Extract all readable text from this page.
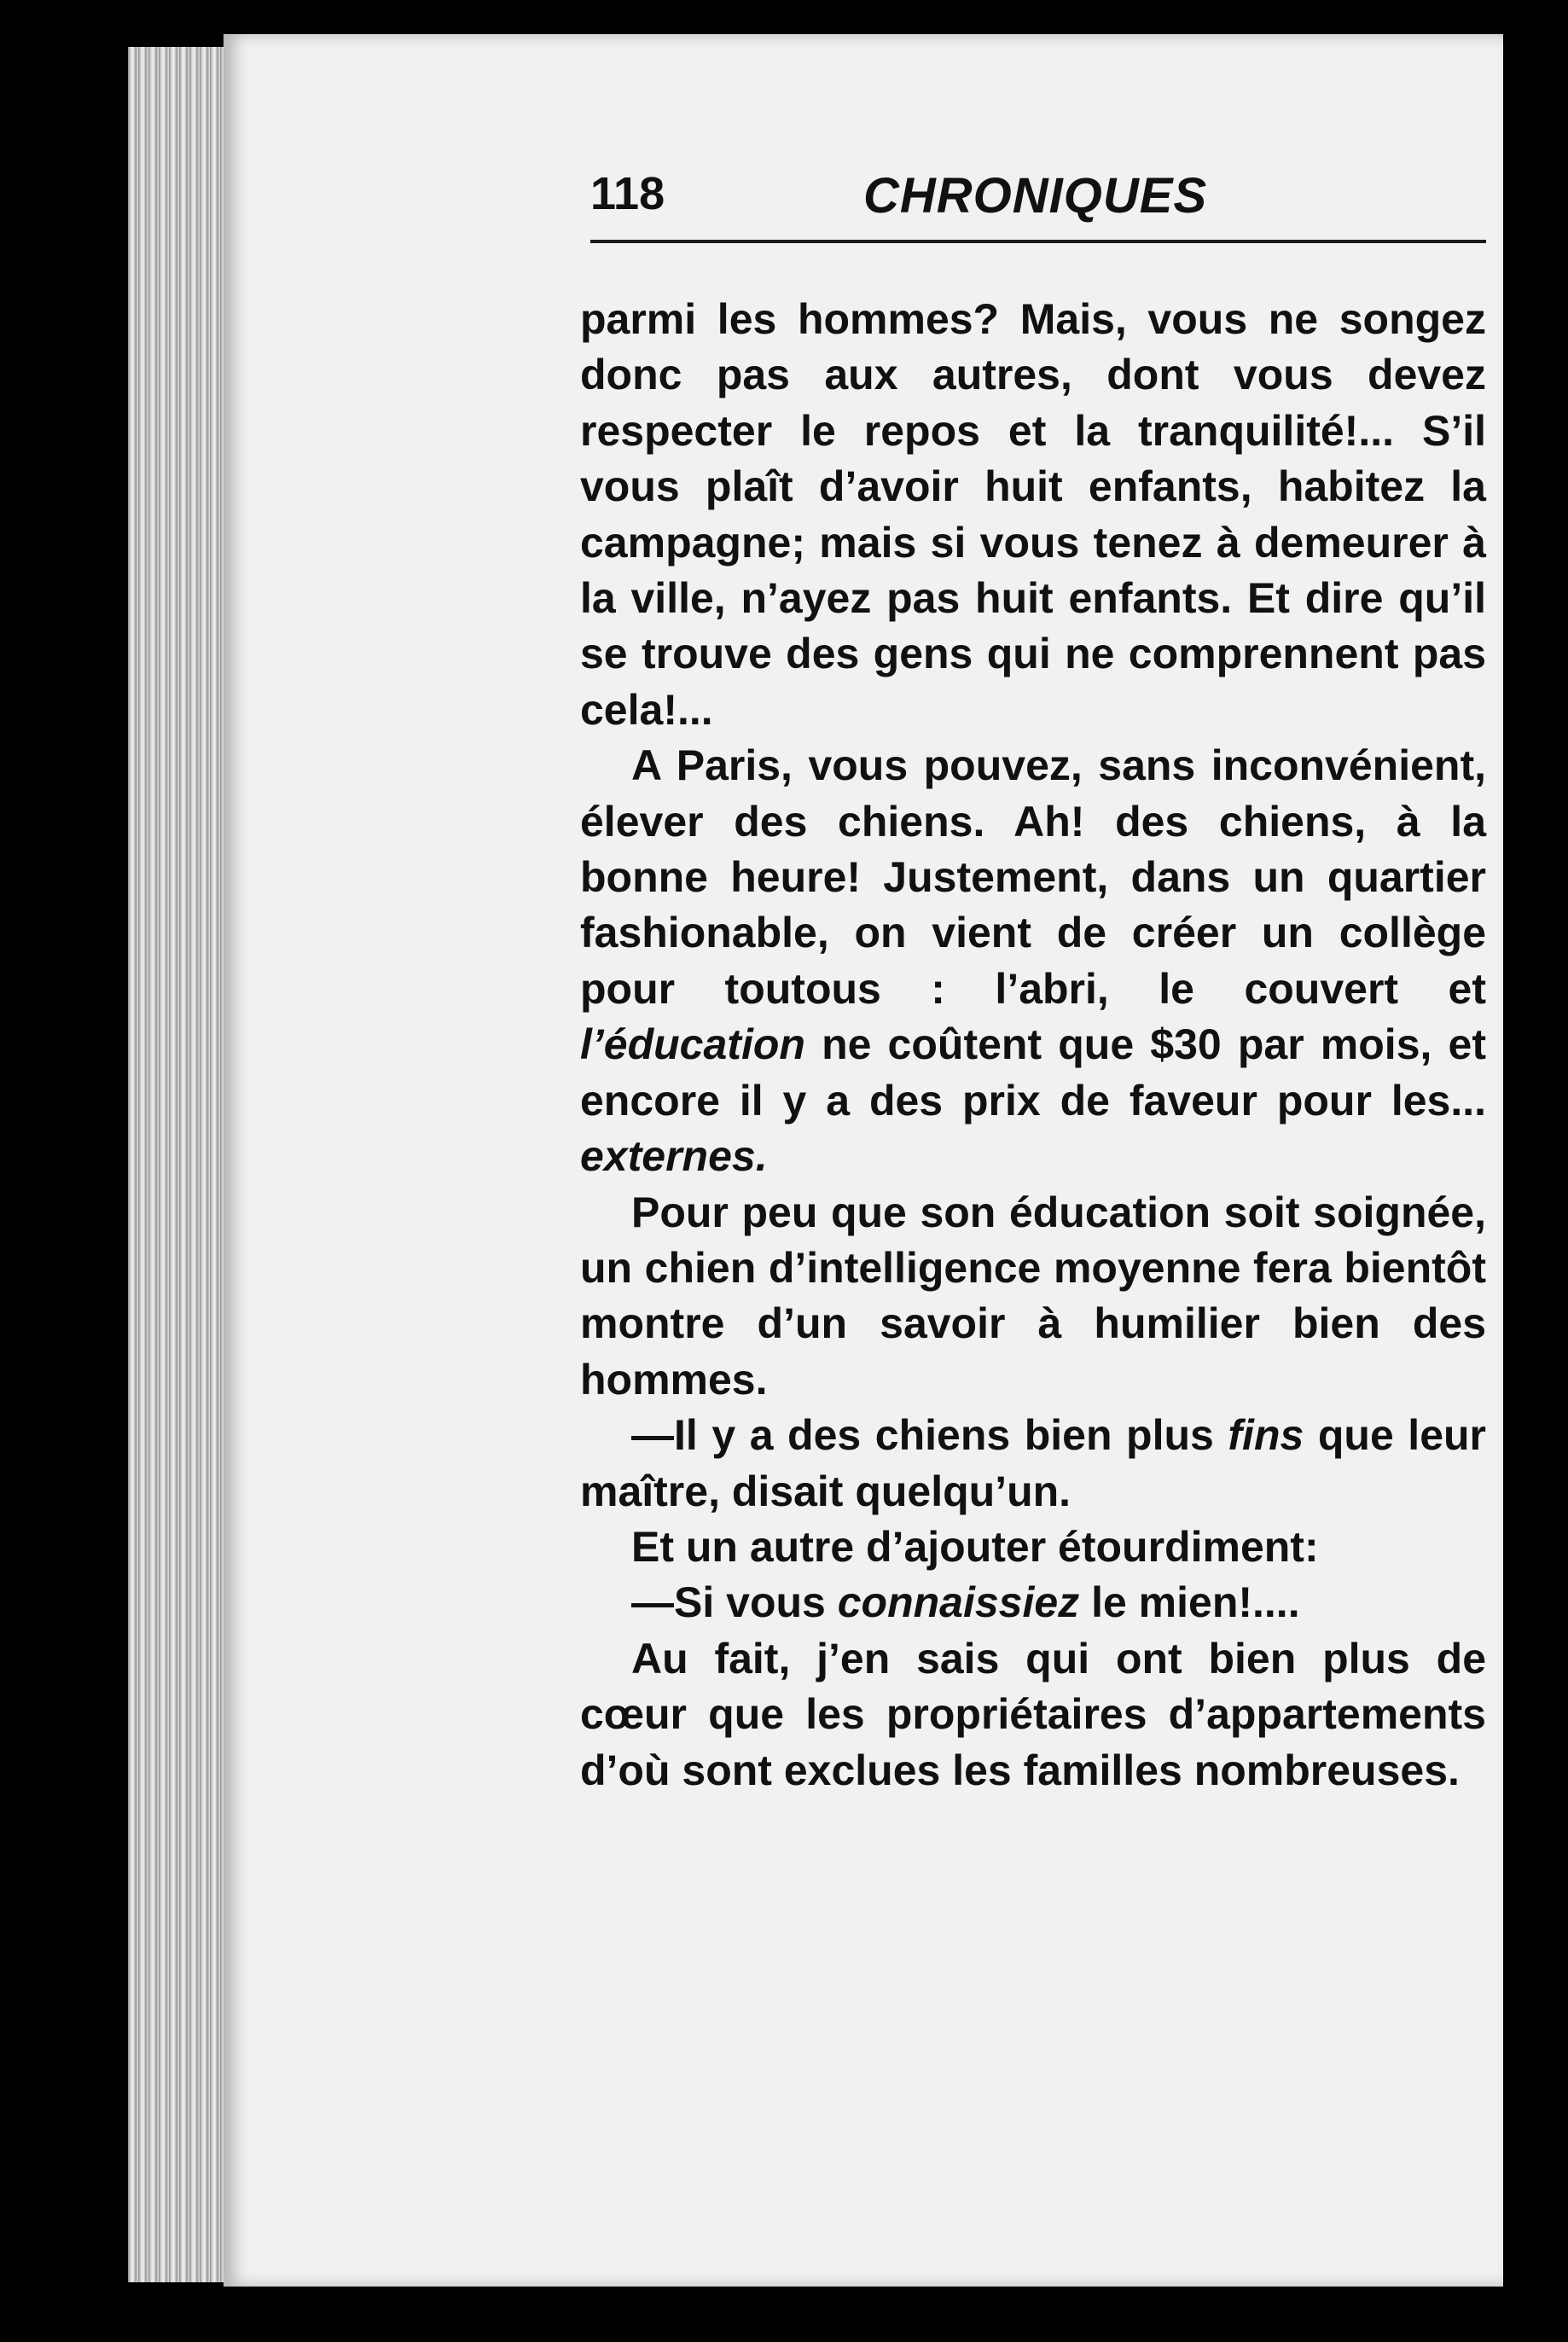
118	CHRONIQUES

parmi les hommes? Mais, vous ne songez donc pas aux autres, dont vous devez respecter le repos et la tranquilité!... S’il vous plaît d’avoir huit enfants, habitez la campagne; mais si vous tenez à demeurer à la ville, n’ayez pas huit enfants. Et dire qu’il se trouve des gens qui ne comprennent pas cela!...

A Paris, vous pouvez, sans inconvénient, élever des chiens. Ah! des chiens, à la bonne heure! Justement, dans un quartier fashionable, on vient de créer un collège pour toutous : l’abri, le couvert et l’éducation ne coûtent que $30 par mois, et encore il y a des prix de faveur pour les... externes.

Pour peu que son éducation soit soignée, un chien d’intelligence moyenne fera bientôt montre d’un savoir à humilier bien des hommes.

—Il y a des chiens bien plus fins que leur maître, disait quelqu’un.

Et un autre d’ajouter étourdiment:

—Si vous connaissiez le mien!....

Au fait, j’en sais qui ont bien plus de cœur que les propriétaires d’appartements d’où sont exclues les familles nombreuses.
